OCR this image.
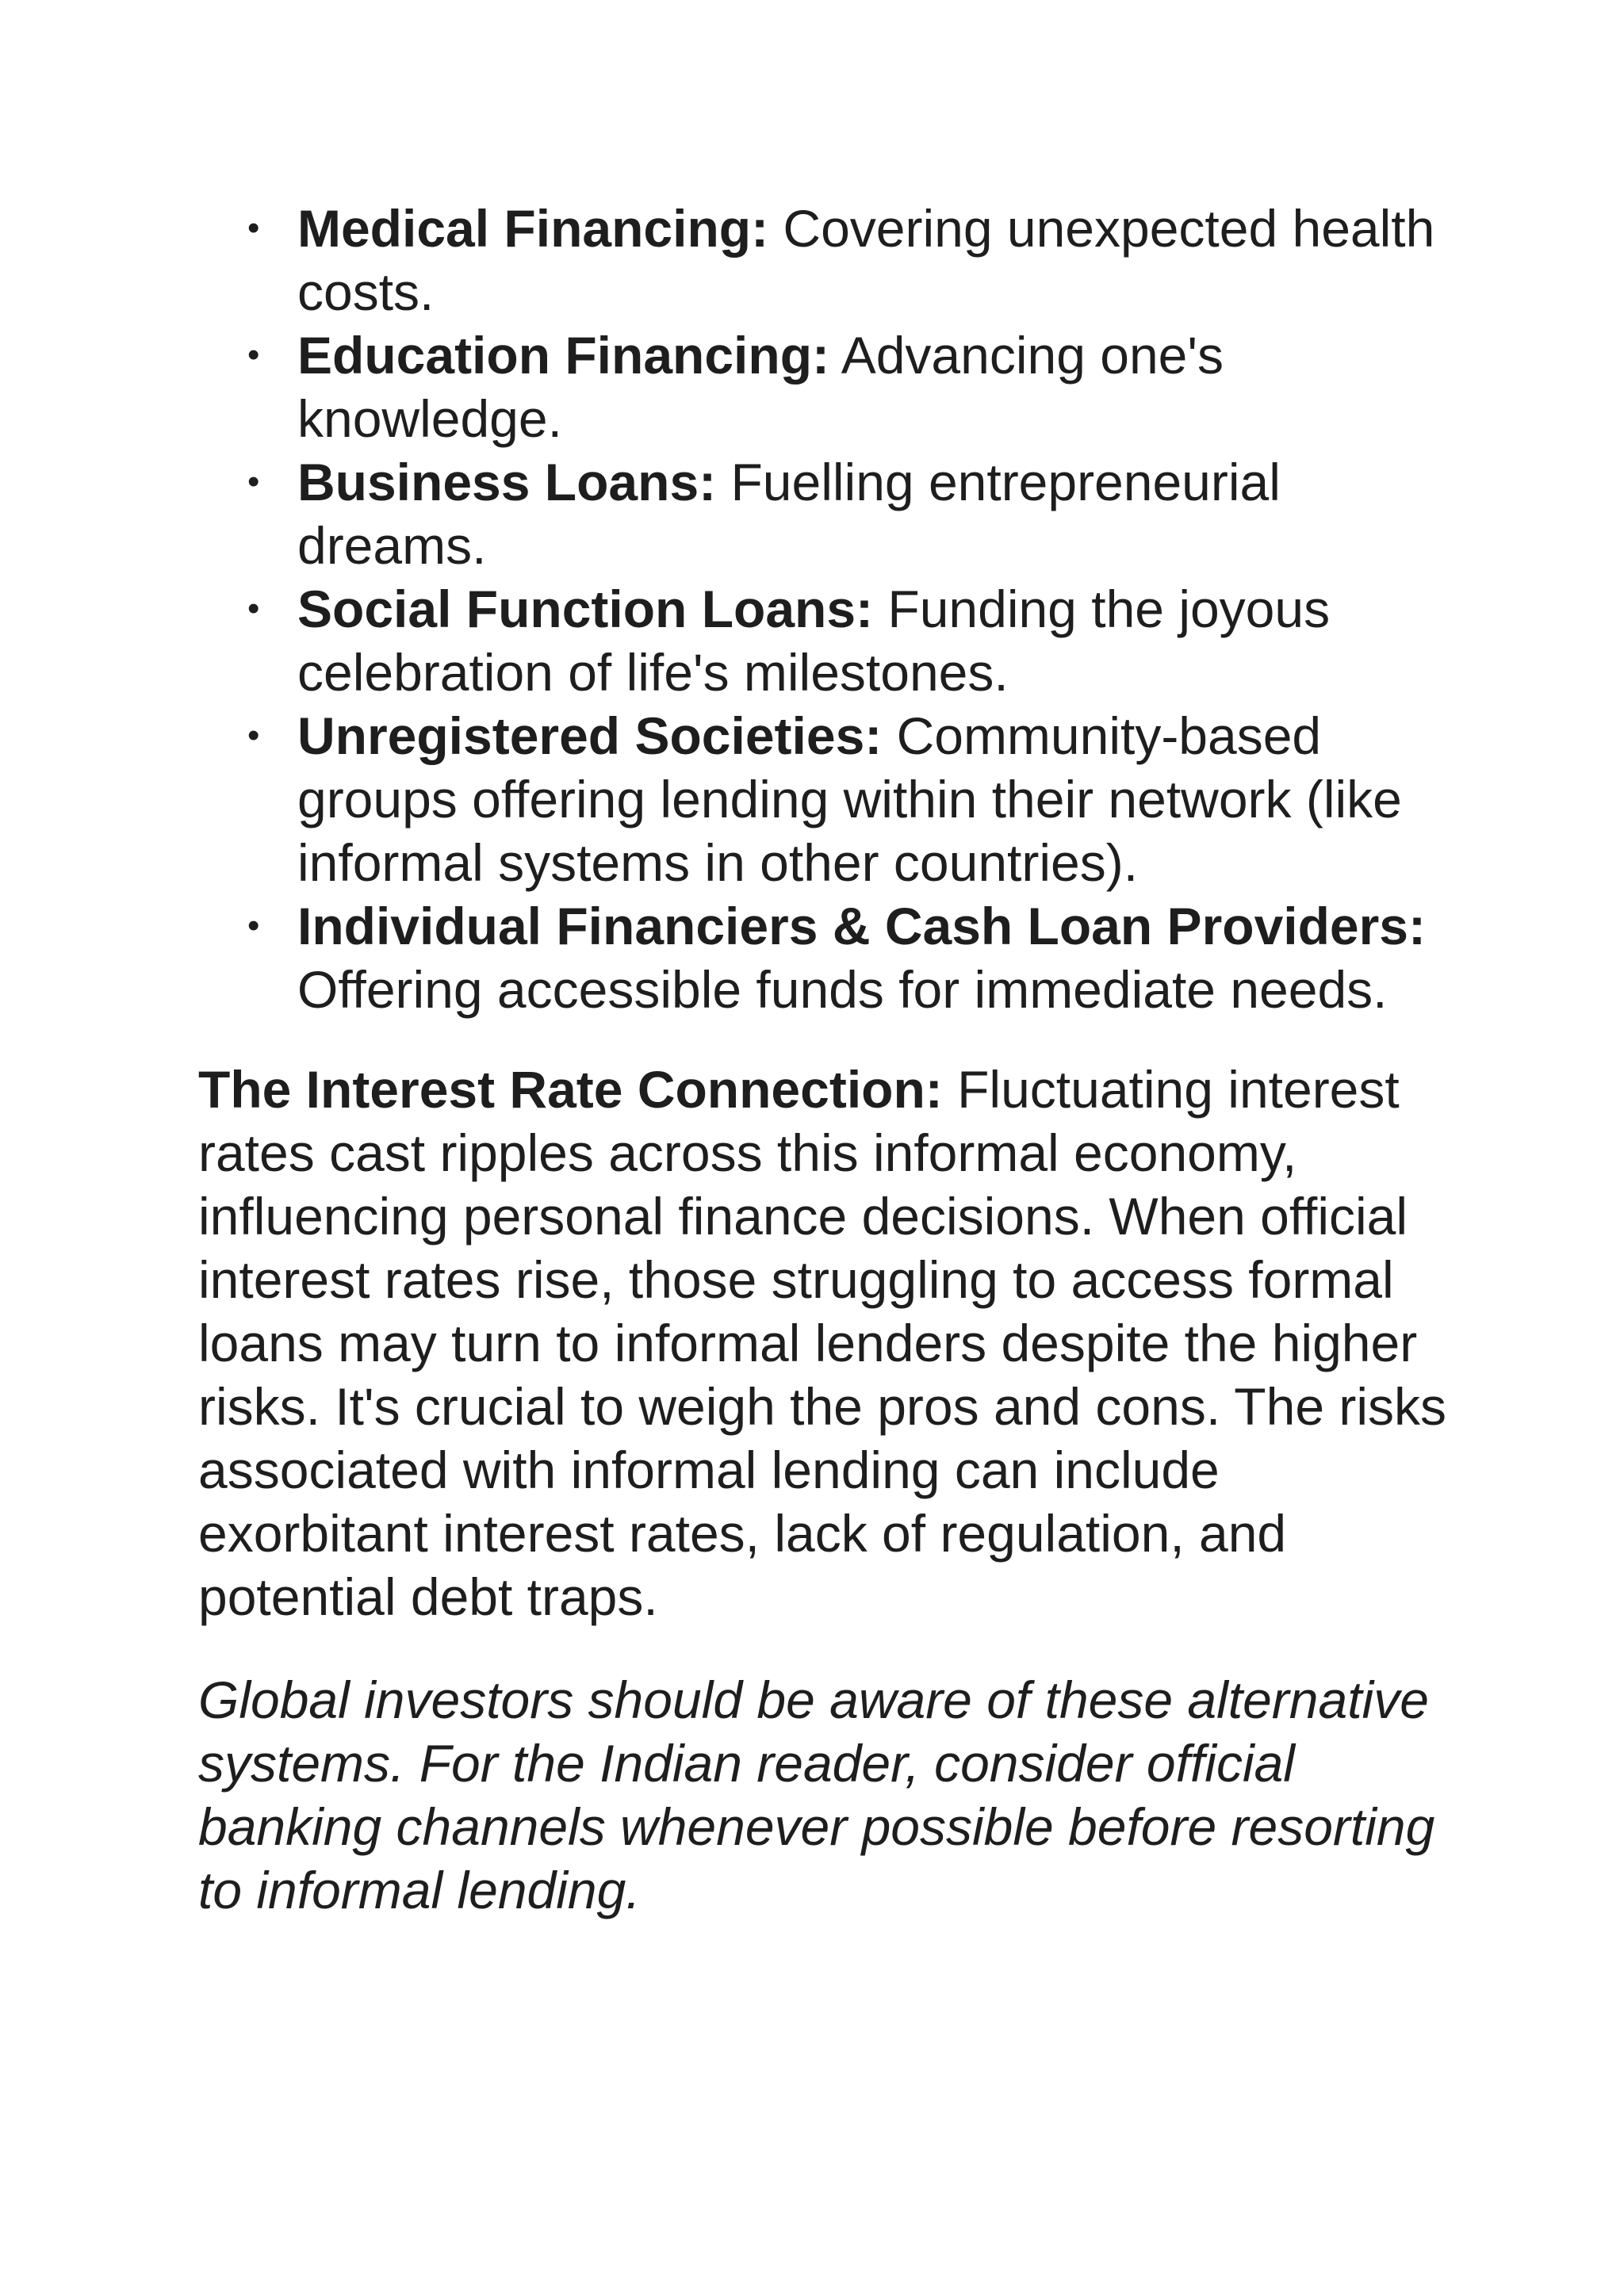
• Medical Financing: Covering unexpected health costs.
• Education Financing: Advancing one's knowledge.
• Business Loans: Fuelling entrepreneurial dreams.
• Social Function Loans: Funding the joyous celebration of life's milestones.
• Unregistered Societies: Community-based groups offering lending within their network (like informal systems in other countries).
• Individual Financiers & Cash Loan Providers: Offering accessible funds for immediate needs.

The Interest Rate Connection: Fluctuating interest rates cast ripples across this informal economy, influencing personal finance decisions. When official interest rates rise, those struggling to access formal loans may turn to informal lenders despite the higher risks. It's crucial to weigh the pros and cons. The risks associated with informal lending can include exorbitant interest rates, lack of regulation, and potential debt traps.

Global investors should be aware of these alternative systems. For the Indian reader, consider official banking channels whenever possible before resorting to informal lending.
